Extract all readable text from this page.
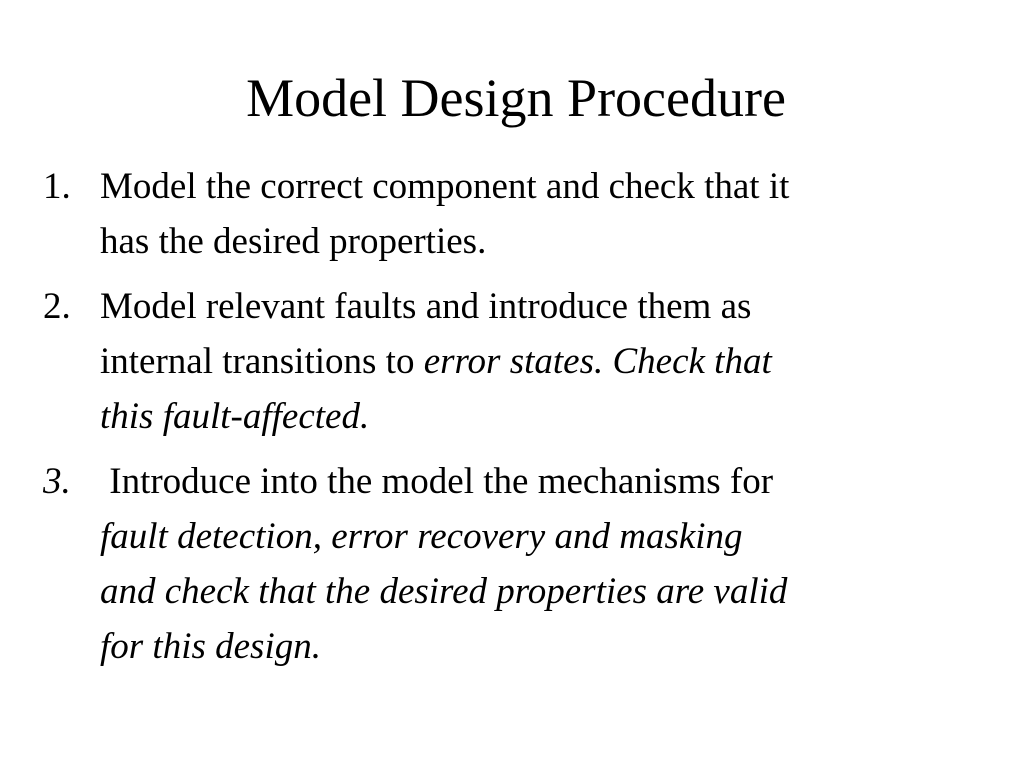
Model Design Procedure
1. Model the correct component and check that it
has the desired properties.
2. Model relevant faults and introduce them as
internal transitions to error states. Check that
this fault-affected.
3. Introduce into the model the mechanisms for
fault detection, error recovery and masking
and check that the desired properties are valid
for this design.
